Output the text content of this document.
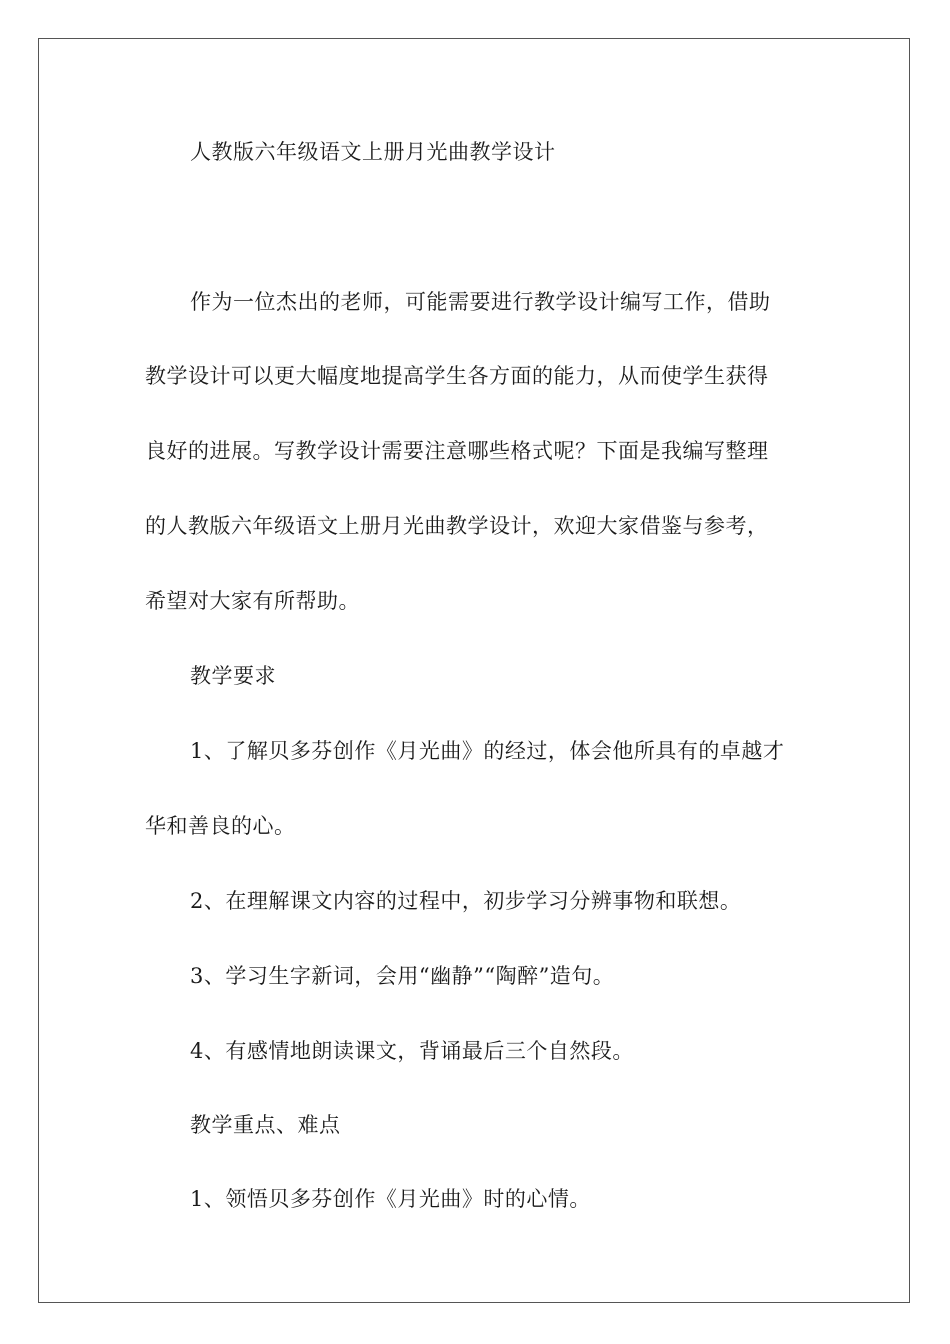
人教版六年级语文上册月光曲教学设计
作为一位杰出的老师，可能需要进行教学设计编写工作，借助
教学设计可以更大幅度地提高学生各方面的能力，从而使学生获得
良好的进展。写教学设计需要注意哪些格式呢？下面是我编写整理
的人教版六年级语文上册月光曲教学设计，欢迎大家借鉴与参考，
希望对大家有所帮助。
教学要求
1、了解贝多芬创作《月光曲》的经过，体会他所具有的卓越才
华和善良的心。
2、在理解课文内容的过程中，初步学习分辨事物和联想。
3、学习生字新词，会用“幽静”“陶醉”造句。
4、有感情地朗读课文，背诵最后三个自然段。
教学重点、难点
1、领悟贝多芬创作《月光曲》时的心情。
